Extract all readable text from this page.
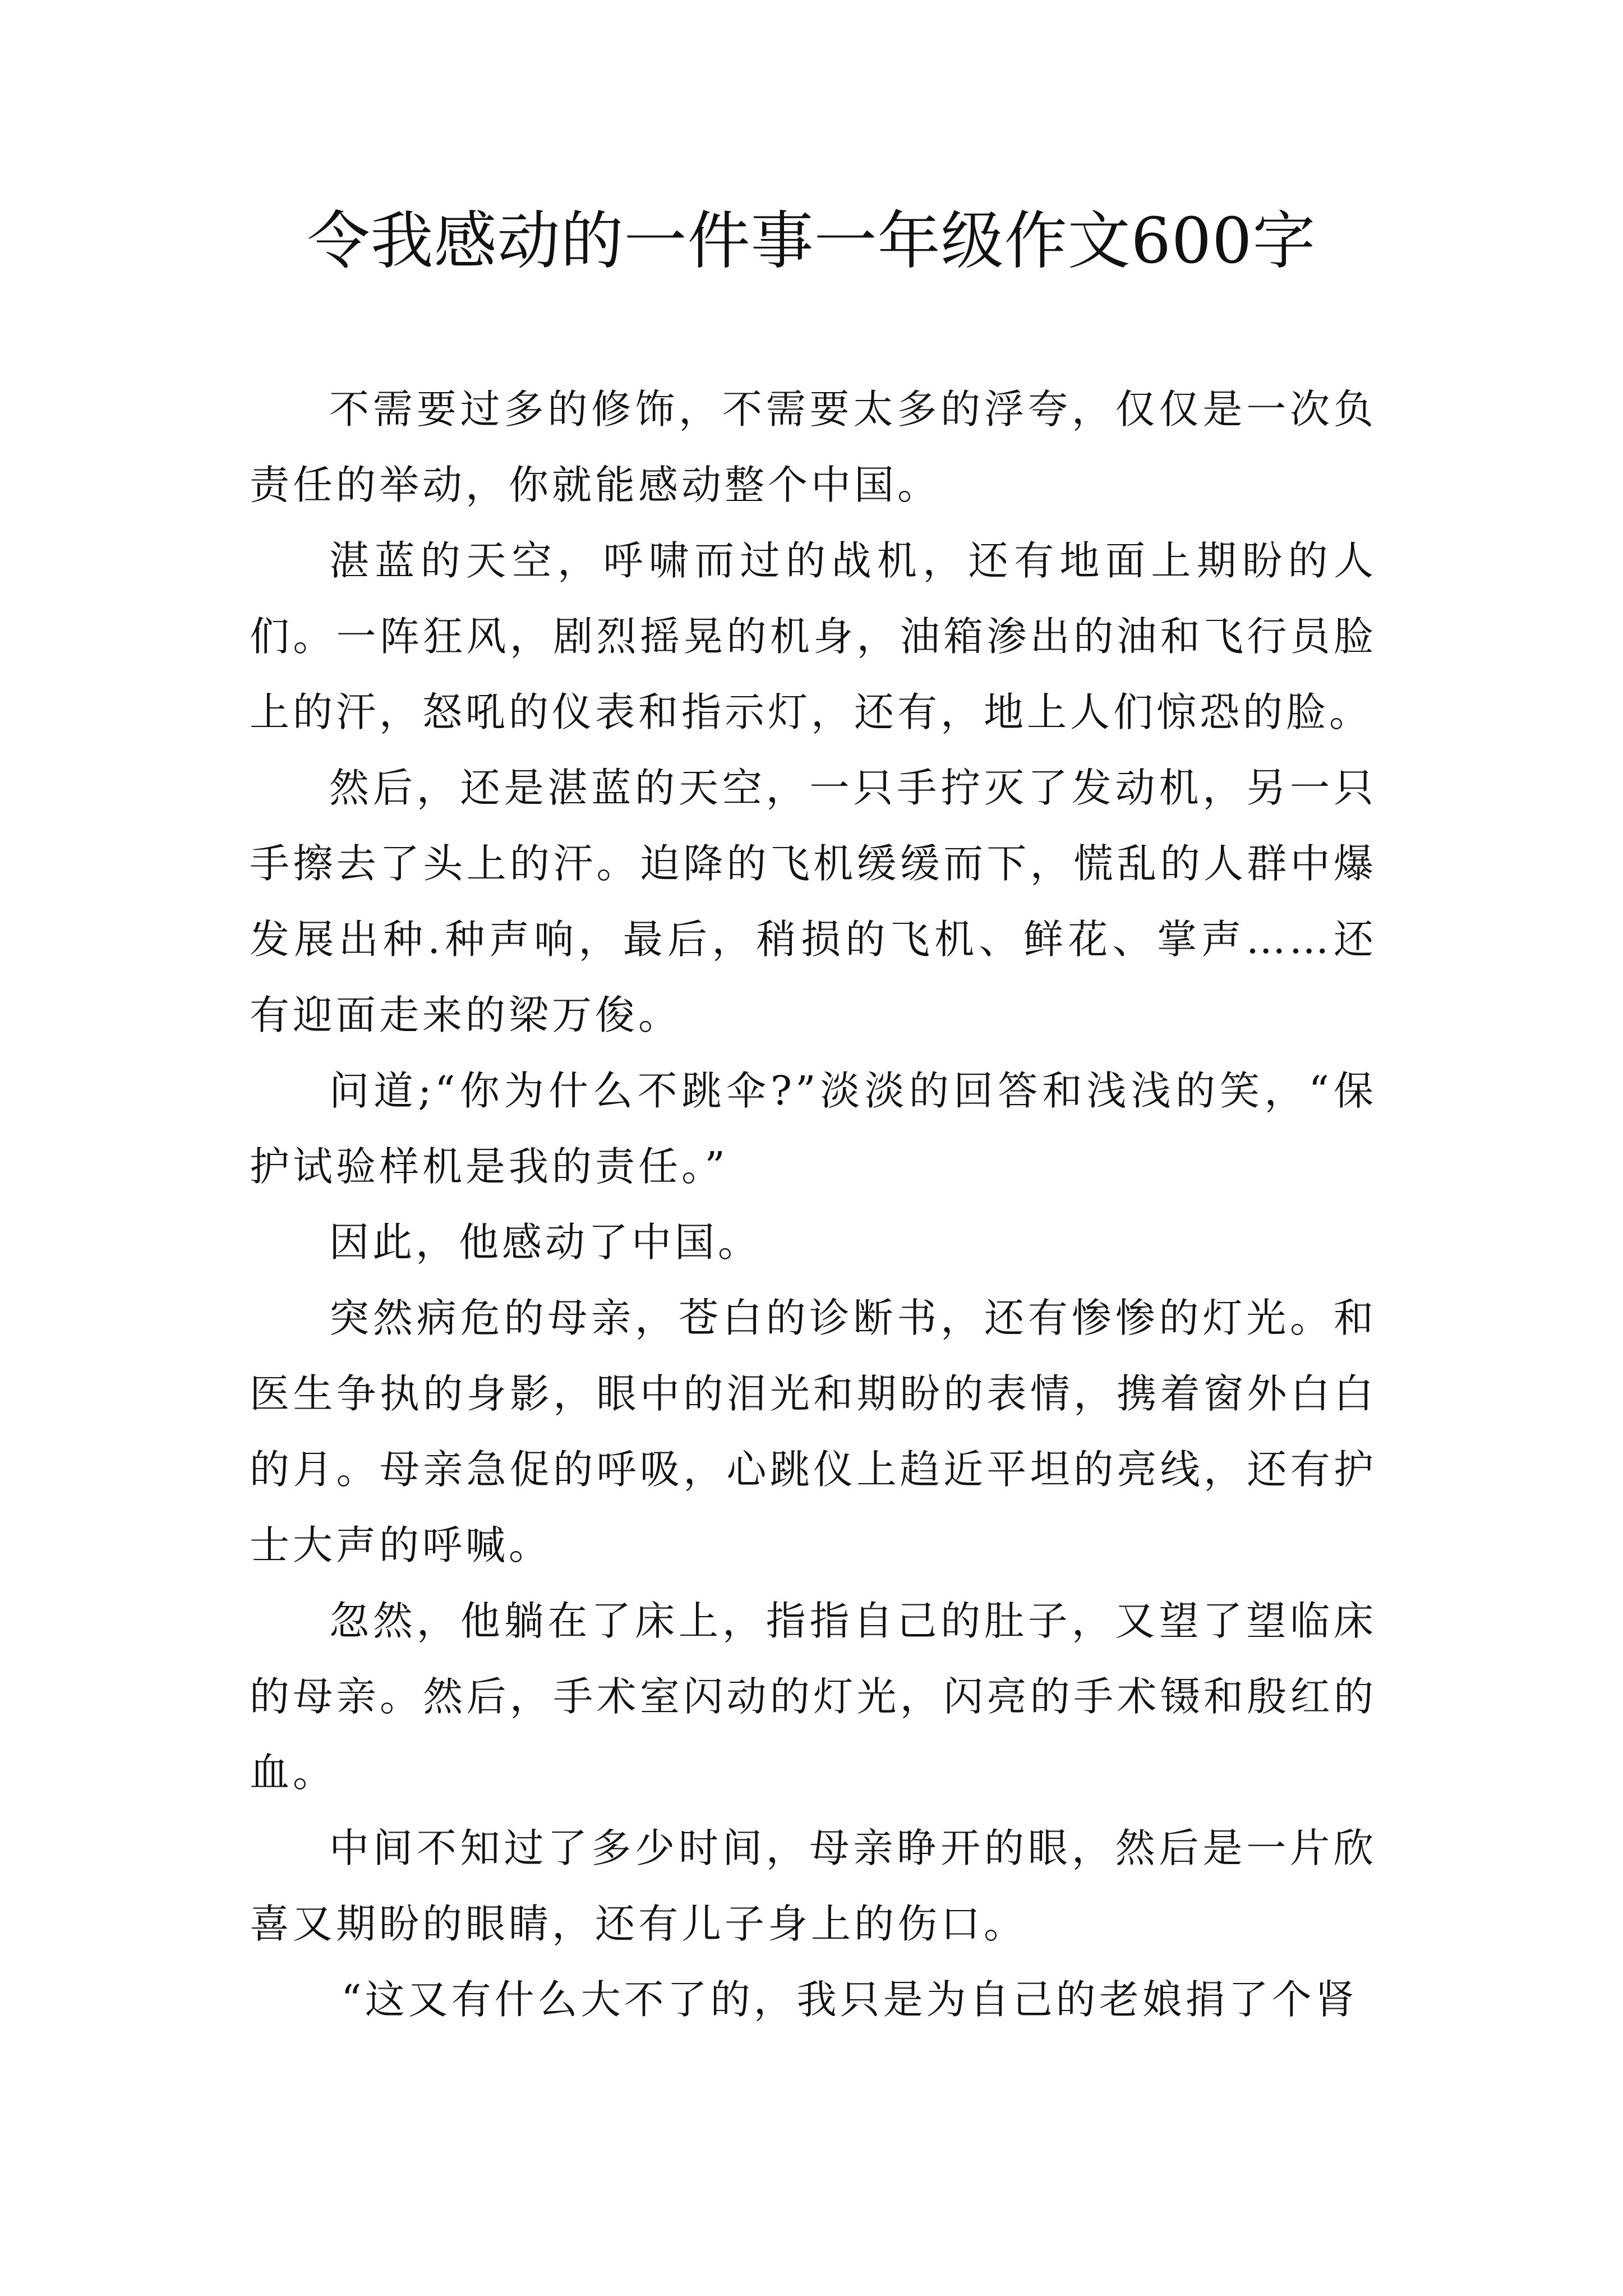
令我感动的一件事一年级作文600字

不需要过多的修饰，不需要太多的浮夸，仅仅是一次负责任的举动，你就能感动整个中国。

湛蓝的天空，呼啸而过的战机，还有地面上期盼的人们。一阵狂风，剧烈摇晃的机身，油箱渗出的油和飞行员脸上的汗，怒吼的仪表和指示灯，还有，地上人们惊恐的脸。

然后，还是湛蓝的天空，一只手拧灭了发动机，另一只手擦去了头上的汗。迫降的飞机缓缓而下，慌乱的人群中爆发展出种.种声响，最后，稍损的飞机、鲜花、掌声……还有迎面走来的梁万俊。

问道;“你为什么不跳伞?”淡淡的回答和浅浅的笑，“保护试验样机是我的责任。”

因此，他感动了中国。

突然病危的母亲，苍白的诊断书，还有惨惨的灯光。和医生争执的身影，眼中的泪光和期盼的表情，携着窗外白白的月。母亲急促的呼吸，心跳仪上趋近平坦的亮线，还有护士大声的呼喊。

忽然，他躺在了床上，指指自己的肚子，又望了望临床的母亲。然后，手术室闪动的灯光，闪亮的手术镊和殷红的血。

中间不知过了多少时间，母亲睁开的眼，然后是一片欣喜又期盼的眼睛，还有儿子身上的伤口。

“这又有什么大不了的，我只是为自己的老娘捐了个肾
